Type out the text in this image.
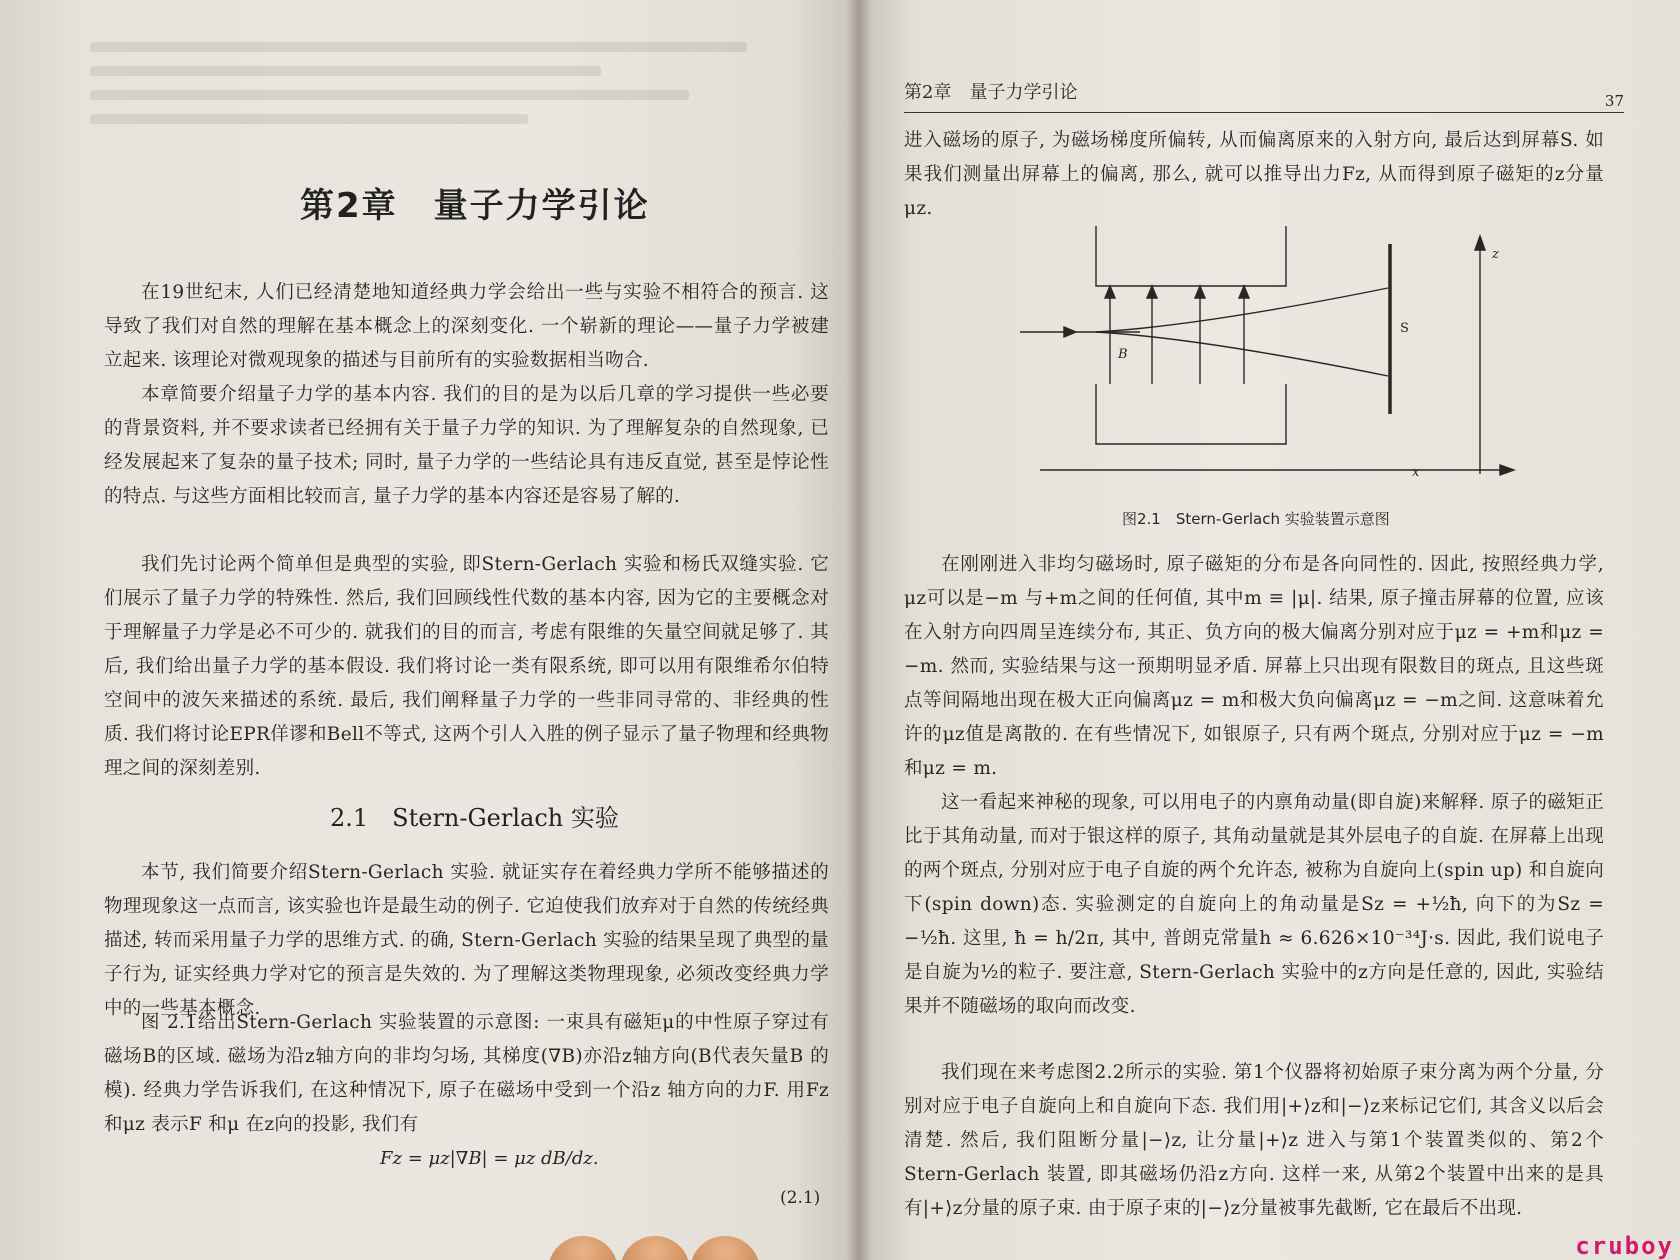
第2章　量子力学引论
在19世纪末, 人们已经清楚地知道经典力学会给出一些与实验不相符合的预言. 这导致了我们对自然的理解在基本概念上的深刻变化. 一个崭新的理论——量子力学被建立起来. 该理论对微观现象的描述与目前所有的实验数据相当吻合.
本章简要介绍量子力学的基本内容. 我们的目的是为以后几章的学习提供一些必要的背景资料, 并不要求读者已经拥有关于量子力学的知识. 为了理解复杂的自然现象, 已经发展起来了复杂的量子技术; 同时, 量子力学的一些结论具有违反直觉, 甚至是悖论性的特点. 与这些方面相比较而言, 量子力学的基本内容还是容易了解的.
我们先讨论两个简单但是典型的实验, 即Stern-Gerlach 实验和杨氏双缝实验. 它们展示了量子力学的特殊性. 然后, 我们回顾线性代数的基本内容, 因为它的主要概念对于理解量子力学是必不可少的. 就我们的目的而言, 考虑有限维的矢量空间就足够了. 其后, 我们给出量子力学的基本假设. 我们将讨论一类有限系统, 即可以用有限维希尔伯特空间中的波矢来描述的系统. 最后, 我们阐释量子力学的一些非同寻常的、非经典的性质. 我们将讨论EPR佯谬和Bell不等式, 这两个引人入胜的例子显示了量子物理和经典物理之间的深刻差别.
2.1　Stern-Gerlach 实验
本节, 我们简要介绍Stern-Gerlach 实验. 就证实存在着经典力学所不能够描述的物理现象这一点而言, 该实验也许是最生动的例子. 它迫使我们放弃对于自然的传统经典描述, 转而采用量子力学的思维方式. 的确, Stern-Gerlach 实验的结果呈现了典型的量子行为, 证实经典力学对它的预言是失效的. 为了理解这类物理现象, 必须改变经典力学中的一些基本概念.
图 2.1给出Stern-Gerlach 实验装置的示意图: 一束具有磁矩μ的中性原子穿过有磁场B的区域. 磁场为沿z轴方向的非均匀场, 其梯度(∇B)亦沿z轴方向(B代表矢量B 的模). 经典力学告诉我们, 在这种情况下, 原子在磁场中受到一个沿z 轴方向的力F. 用Fz 和μz 表示F 和μ 在z向的投影, 我们有
Fz = μz|∇B| = μz dB/dz.
(2.1)
第2章　量子力学引论	37
进入磁场的原子, 为磁场梯度所偏转, 从而偏离原来的入射方向, 最后达到屏幕S. 如果我们测量出屏幕上的偏离, 那么, 就可以推导出力Fz, 从而得到原子磁矩的z分量μz.
B
S
z
x
图2.1　Stern-Gerlach 实验装置示意图
在刚刚进入非均匀磁场时, 原子磁矩的分布是各向同性的. 因此, 按照经典力学, μz可以是−m 与+m之间的任何值, 其中m ≡ |μ|. 结果, 原子撞击屏幕的位置, 应该在入射方向四周呈连续分布, 其正、负方向的极大偏离分别对应于μz = +m和μz = −m. 然而, 实验结果与这一预期明显矛盾. 屏幕上只出现有限数目的斑点, 且这些斑点等间隔地出现在极大正向偏离μz = m和极大负向偏离μz = −m之间. 这意味着允许的μz值是离散的. 在有些情况下, 如银原子, 只有两个斑点, 分别对应于μz = −m 和μz = m.
这一看起来神秘的现象, 可以用电子的内禀角动量(即自旋)来解释. 原子的磁矩正比于其角动量, 而对于银这样的原子, 其角动量就是其外层电子的自旋. 在屏幕上出现的两个斑点, 分别对应于电子自旋的两个允许态, 被称为自旋向上(spin up) 和自旋向下(spin down)态. 实验测定的自旋向上的角动量是Sz = +½ħ, 向下的为Sz = −½ħ. 这里, ħ = h/2π, 其中, 普朗克常量h ≈ 6.626×10⁻³⁴J·s. 因此, 我们说电子是自旋为½的粒子. 要注意, Stern-Gerlach 实验中的z方向是任意的, 因此, 实验结果并不随磁场的取向而改变.
我们现在来考虑图2.2所示的实验. 第1个仪器将初始原子束分离为两个分量, 分别对应于电子自旋向上和自旋向下态. 我们用|+⟩z和|−⟩z来标记它们, 其含义以后会清楚. 然后, 我们阻断分量|−⟩z, 让分量|+⟩z 进入与第1个装置类似的、第2个 Stern-Gerlach 装置, 即其磁场仍沿z方向. 这样一来, 从第2个装置中出来的是具有|+⟩z分量的原子束. 由于原子束的|−⟩z分量被事先截断, 它在最后不出现.
cruboy
